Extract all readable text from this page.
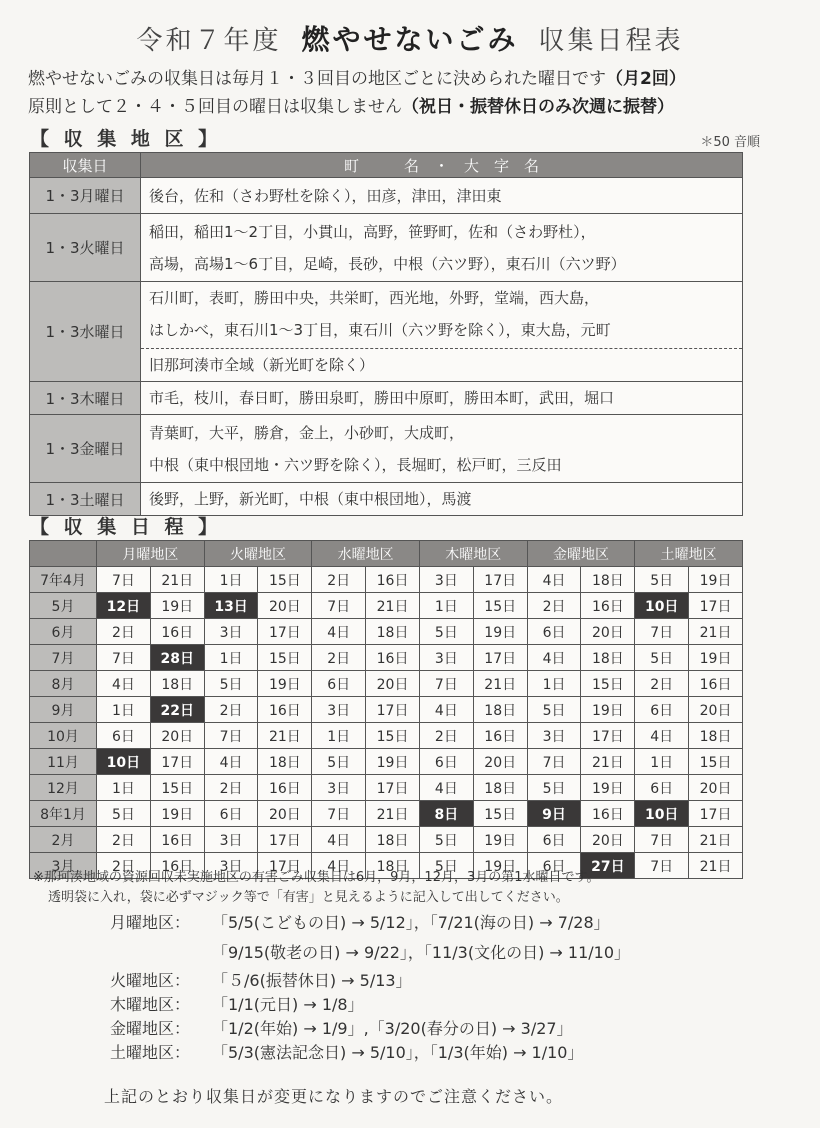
令和７年度 燃やせないごみ 収集日程表
燃やせないごみの収集日は毎月１・３回目の地区ごとに決められた曜日です（月2回）
原則として２・４・５回目の曜日は収集しません（祝日・振替休日のみ次週に振替）
【 収 集 地 区 】	＊50 音順
収集日	町　　　名　・　大　字　名
1・3月曜日	後台，佐和（さわ野杜を除く），田彦，津田，津田東

1・3火曜日	稲田，稲田1～2丁目，小貫山，高野，笹野町，佐和（さわ野杜），
高場，高場1～6丁目，足崎，長砂，中根（六ツ野），東石川（六ツ野）

1・3水曜日	石川町，表町，勝田中央，共栄町，西光地，外野，堂端，西大島，
はしかべ，東石川1～3丁目，東石川（六ツ野を除く），東大島，元町
旧那珂湊市全域（新光町を除く）

1・3木曜日	市毛，枝川，春日町，勝田泉町，勝田中原町，勝田本町，武田，堀口

1・3金曜日	青葉町，大平，勝倉，金上，小砂町，大成町，
中根（東中根団地・六ツ野を除く），長堀町，松戸町，三反田

1・3土曜日	後野，上野，新光町，中根（東中根団地），馬渡
【 収 集 日 程 】
	月曜地区		火曜地区		水曜地区		木曜地区		金曜地区		土曜地区	
7年4月	7日	21日	1日	15日	2日	16日	3日	17日	4日	18日	5日	19日
5月	12日	19日	13日	20日	7日	21日	1日	15日	2日	16日	10日	17日
6月	2日	16日	3日	17日	4日	18日	5日	19日	6日	20日	7日	21日
7月	7日	28日	1日	15日	2日	16日	3日	17日	4日	18日	5日	19日
8月	4日	18日	5日	19日	6日	20日	7日	21日	1日	15日	2日	16日
9月	1日	22日	2日	16日	3日	17日	4日	18日	5日	19日	6日	20日
10月	6日	20日	7日	21日	1日	15日	2日	16日	3日	17日	4日	18日
11月	10日	17日	4日	18日	5日	19日	6日	20日	7日	21日	1日	15日
12月	1日	15日	2日	16日	3日	17日	4日	18日	5日	19日	6日	20日
8年1月	5日	19日	6日	20日	7日	21日	8日	15日	9日	16日	10日	17日
2月	2日	16日	3日	17日	4日	18日	5日	19日	6日	20日	7日	21日
3月	2日	16日	3日	17日	4日	18日	5日	19日	6日	27日	7日	21日
※那珂湊地域の資源回収未実施地区の有害ごみ収集日は6月，9月，12月，3月の第1水曜日です。
透明袋に入れ，袋に必ずマジック等で「有害」と見えるように記入して出してください。
月曜地区： 「5/5(こどもの日) → 5/12」，「7/21(海の日) → 7/28」
「9/15(敬老の日) → 9/22」，「11/3(文化の日) → 11/10」
火曜地区： 「５/6(振替休日) → 5/13」
木曜地区： 「1/1(元日) → 1/8」
金曜地区： 「1/2(年始) → 1/9」,「3/20(春分の日) → 3/27」
土曜地区： 「5/3(憲法記念日) → 5/10」，「1/3(年始) → 1/10」
上記のとおり収集日が変更になりますのでご注意ください。
